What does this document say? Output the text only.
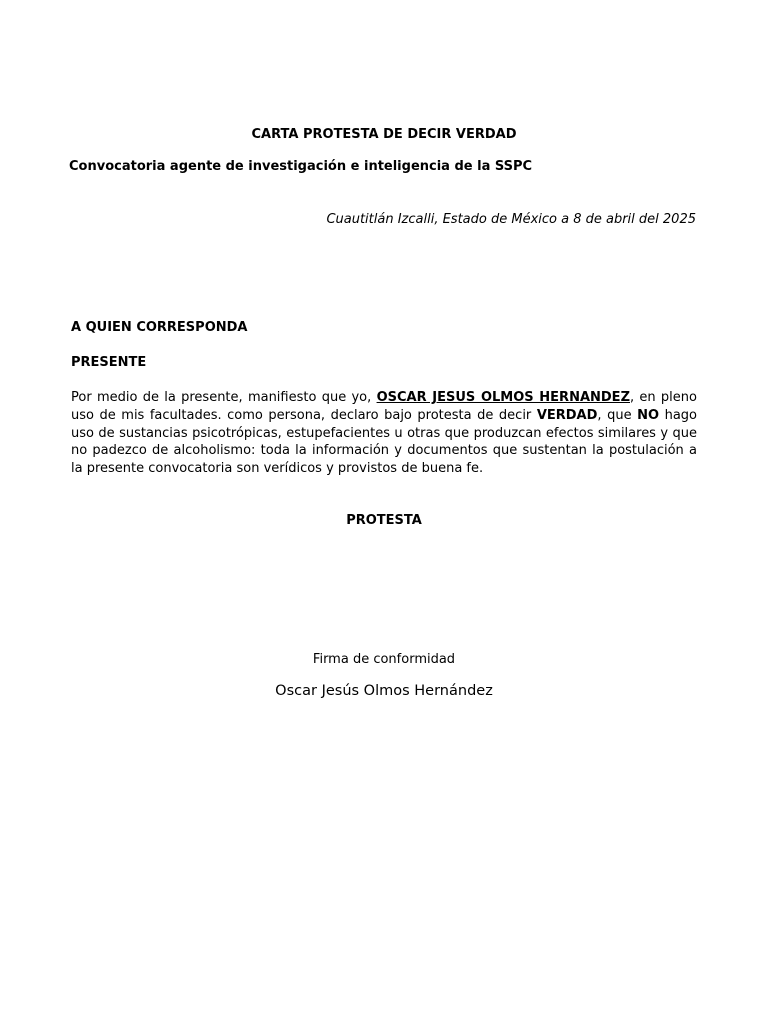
CARTA PROTESTA DE DECIR VERDAD
Convocatoria agente de investigación e inteligencia de la SSPC
Cuautitlán Izcalli, Estado de México a 8 de abril del 2025
A QUIEN CORRESPONDA
PRESENTE
Por medio de la presente, manifiesto que yo, OSCAR JESUS OLMOS HERNANDEZ, en pleno uso de mis facultades. como persona, declaro bajo protesta de decir VERDAD, que NO hago uso de sustancias psicotrópicas, estupefacientes u otras que produzcan efectos similares y que no padezco de alcoholismo: toda la información y documentos que sustentan la postulación a la presente convocatoria son verídicos y provistos de buena fe.
PROTESTA
Firma de conformidad
Oscar Jesús Olmos Hernández
